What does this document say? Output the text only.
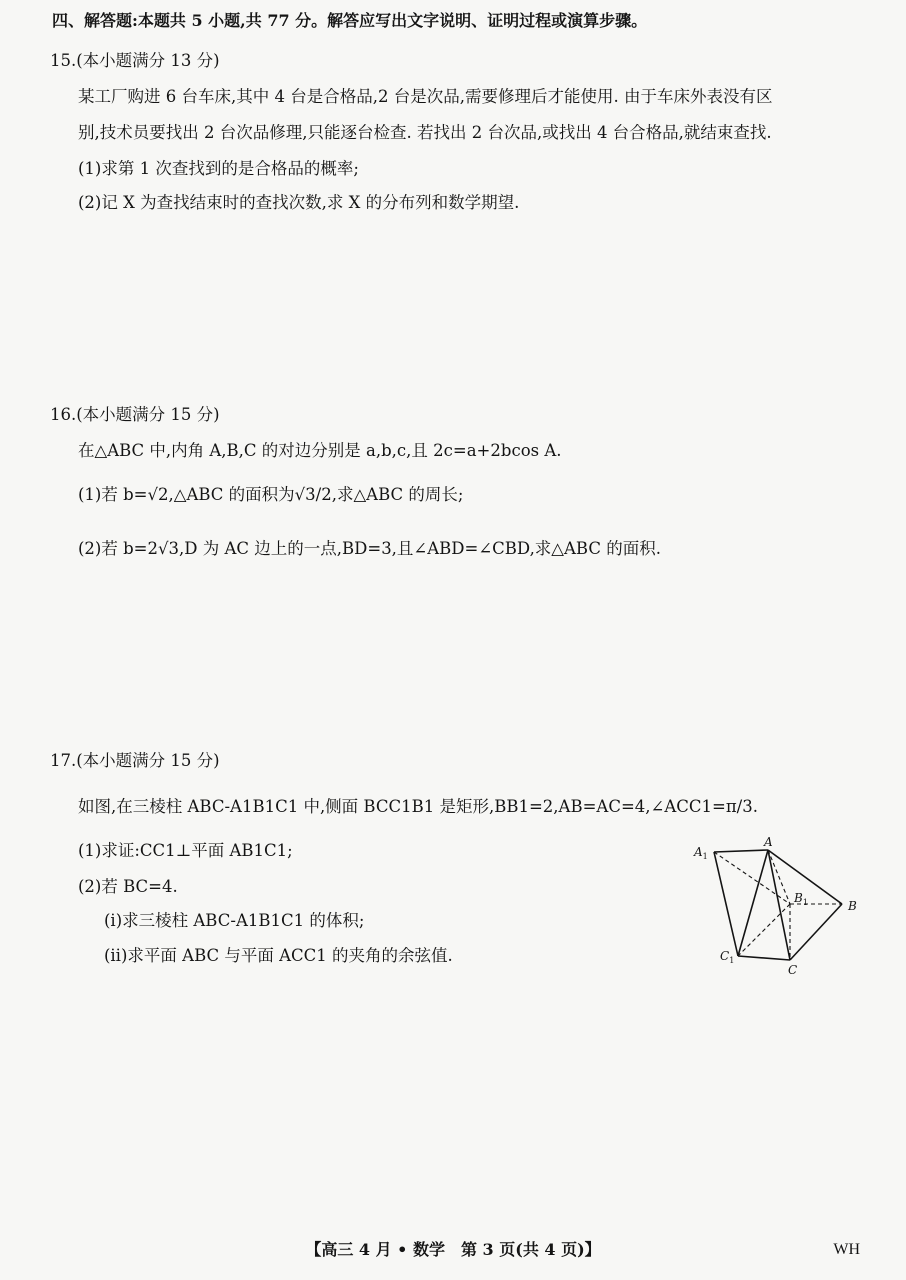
四、解答题:本题共 5 小题,共 77 分。解答应写出文字说明、证明过程或演算步骤。
15.(本小题满分 13 分)
某工厂购进 6 台车床,其中 4 台是合格品,2 台是次品,需要修理后才能使用. 由于车床外表没有区
别,技术员要找出 2 台次品修理,只能逐台检查. 若找出 2 台次品,或找出 4 台合格品,就结束查找.
(1)求第 1 次查找到的是合格品的概率;
(2)记 X 为查找结束时的查找次数,求 X 的分布列和数学期望.
16.(本小题满分 15 分)
在△ABC 中,内角 A,B,C 的对边分别是 a,b,c,且 2c=a+2bcos A.
(1)若 b=√2,△ABC 的面积为√3/2,求△ABC 的周长;
(2)若 b=2√3,D 为 AC 边上的一点,BD=3,且∠ABD=∠CBD,求△ABC 的面积.
17.(本小题满分 15 分)
如图,在三棱柱 ABC-A1B1C1 中,侧面 BCC1B1 是矩形,BB1=2,AB=AC=4,∠ACC1=π/3.
(1)求证:CC1⊥平面 AB1C1;
(2)若 BC=4.
(ⅰ)求三棱柱 ABC-A1B1C1 的体积;
(ⅱ)求平面 ABC 与平面 ACC1 的夹角的余弦值.
$A_1$
A
$B_1$	B
$C_1$
C
【高三 4 月 • 数学　第 3 页(共 4 页)】	WH
